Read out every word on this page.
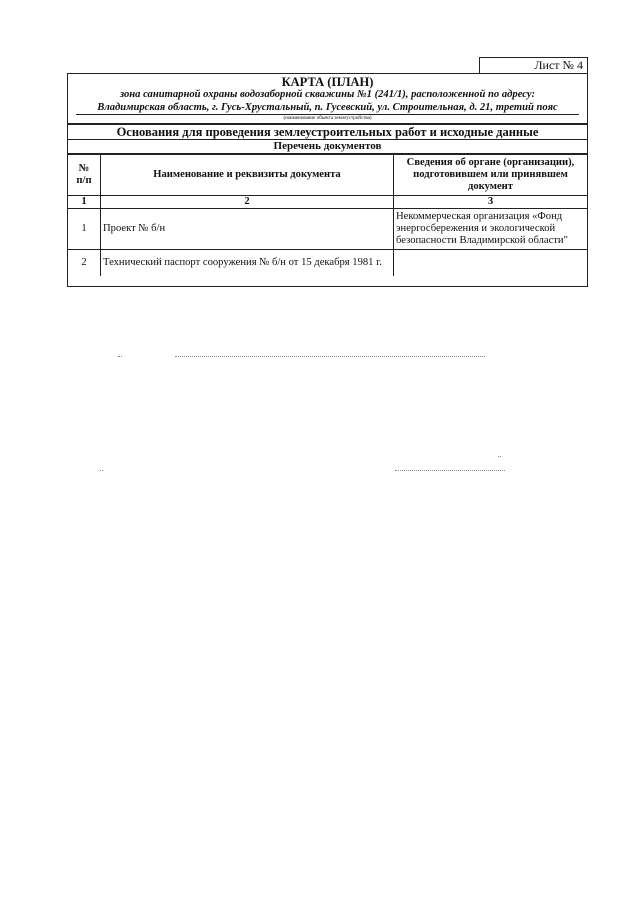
Лист № 4
КАРТА (ПЛАН)
зона санитарной охраны водозаборной скважины №1 (241/1), расположенной по адресу:
Владимирская область, г. Гусь-Хрустальный, п. Гусевский, ул. Строительная, д. 21, третий пояс
(наименование объекта землеустройства)
Основания для проведения землеустроительных работ и исходные данные
Перечень документов
№
п/п	Наименование и реквизиты документа	Сведения об органе (организации), подготовившем или принявшем документ
1	2	3
1	Проект № б/н	Некоммерческая организация «Фонд энергосбережения и экологической безопасности Владимирской области"
2	Технический паспорт сооружения № б/н от 15 декабря 1981 г.	
